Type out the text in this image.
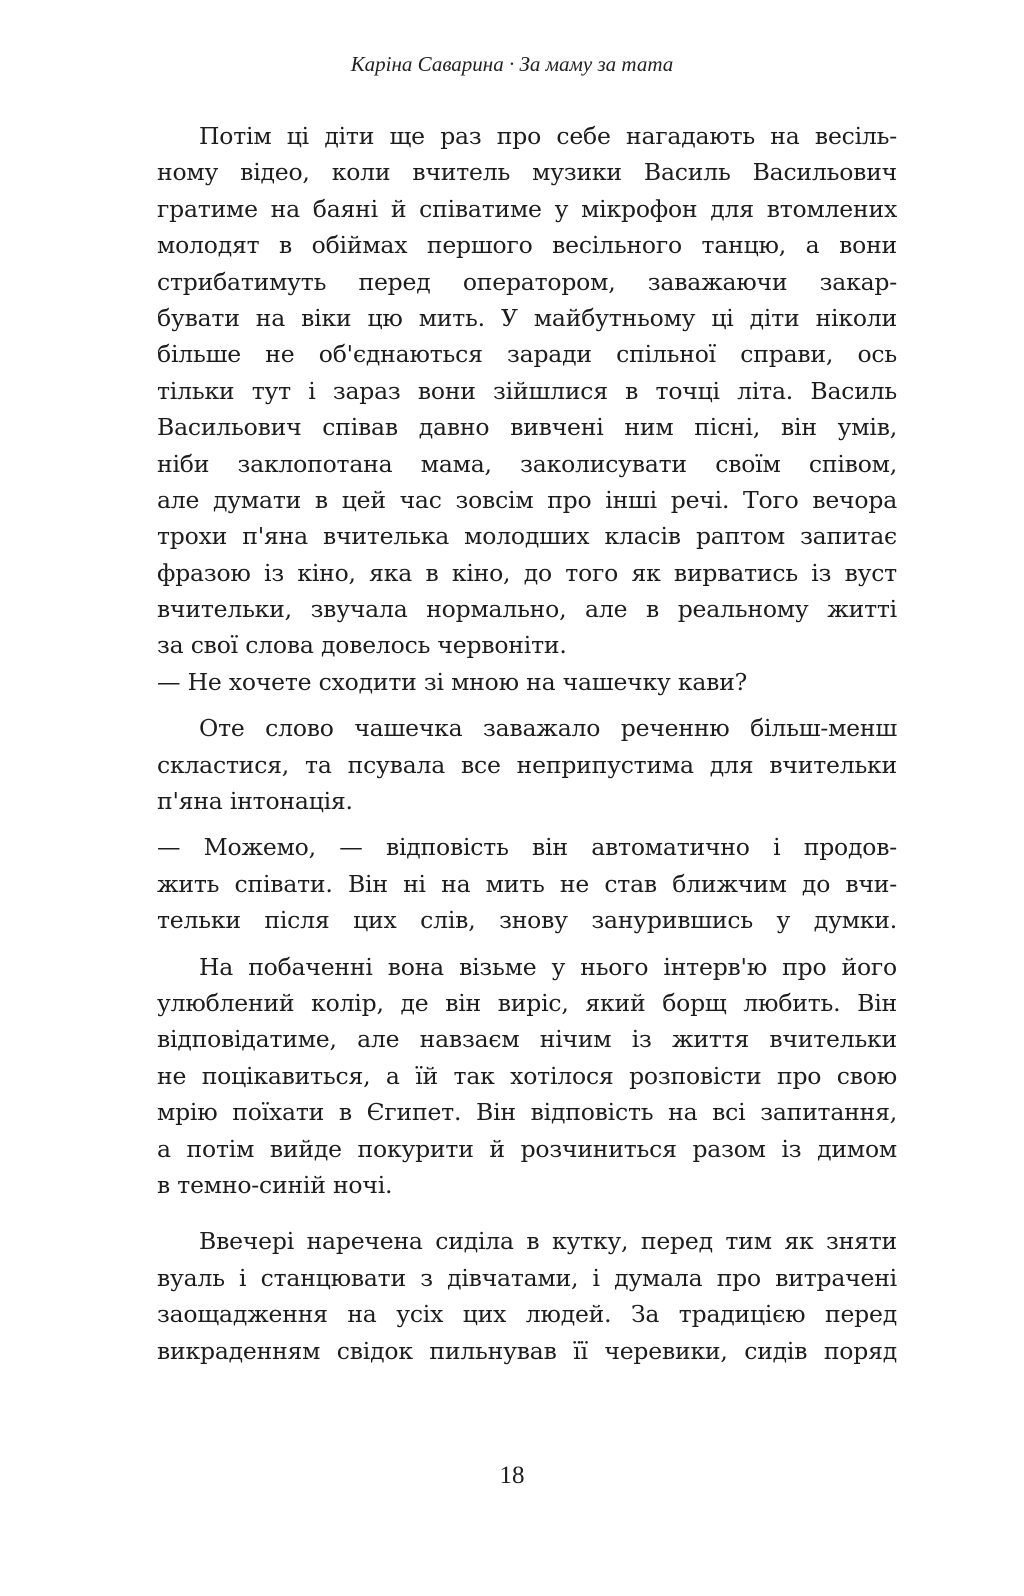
Каріна Саварина · За маму за тата
Потім ці діти ще раз про себе нагадають на весіль-
ному відео, коли вчитель музики Василь Васильович
гратиме на баяні й співатиме у мікрофон для втомлених
молодят в обіймах першого весільного танцю, а вони
стрибатимуть перед оператором, заважаючи закар-
бувати на віки цю мить. У майбутньому ці діти ніколи
більше не об'єднаються заради спільної справи, ось
тільки тут і зараз вони зійшлися в точці літа. Василь
Васильович співав давно вивчені ним пісні, він умів,
ніби заклопотана мама, заколисувати своїм співом,
але думати в цей час зовсім про інші речі. Того вечора
трохи п'яна вчителька молодших класів раптом запитає
фразою із кіно, яка в кіно, до того як вирватись із вуст
вчительки, звучала нормально, але в реальному житті
за свої слова довелось червоніти.
— Не хочете сходити зі мною на чашечку кави?
Оте слово чашечка заважало реченню більш-менш
скластися, та псувала все неприпустима для вчительки
п'яна інтонація.
— Можемо, — відповість він автоматично і продов-
жить співати. Він ні на мить не став ближчим до вчи-
тельки після цих слів, знову зануривши͏сь у думки.
На побаченні вона візьме у нього інтерв'ю про його
улюблений колір, де він виріс, який борщ любить. Він
відповідатиме, але навзаєм нічим із життя вчительки
не поцікавиться, а їй так хотілося розповісти про свою
мрію поїхати в Єгипет. Він відповість на всі запитання,
а потім вийде покурити й розчиниться разом із димом
в темно-синій ночі.
Ввечері наречена сиділа в кутку, перед тим як зняти
вуаль і станцювати з дівчатами, і думала про витрачені
заощадження на усіх цих людей. За традицією перед
викраденням свідок пильнував її черевики, сидів поряд
18
